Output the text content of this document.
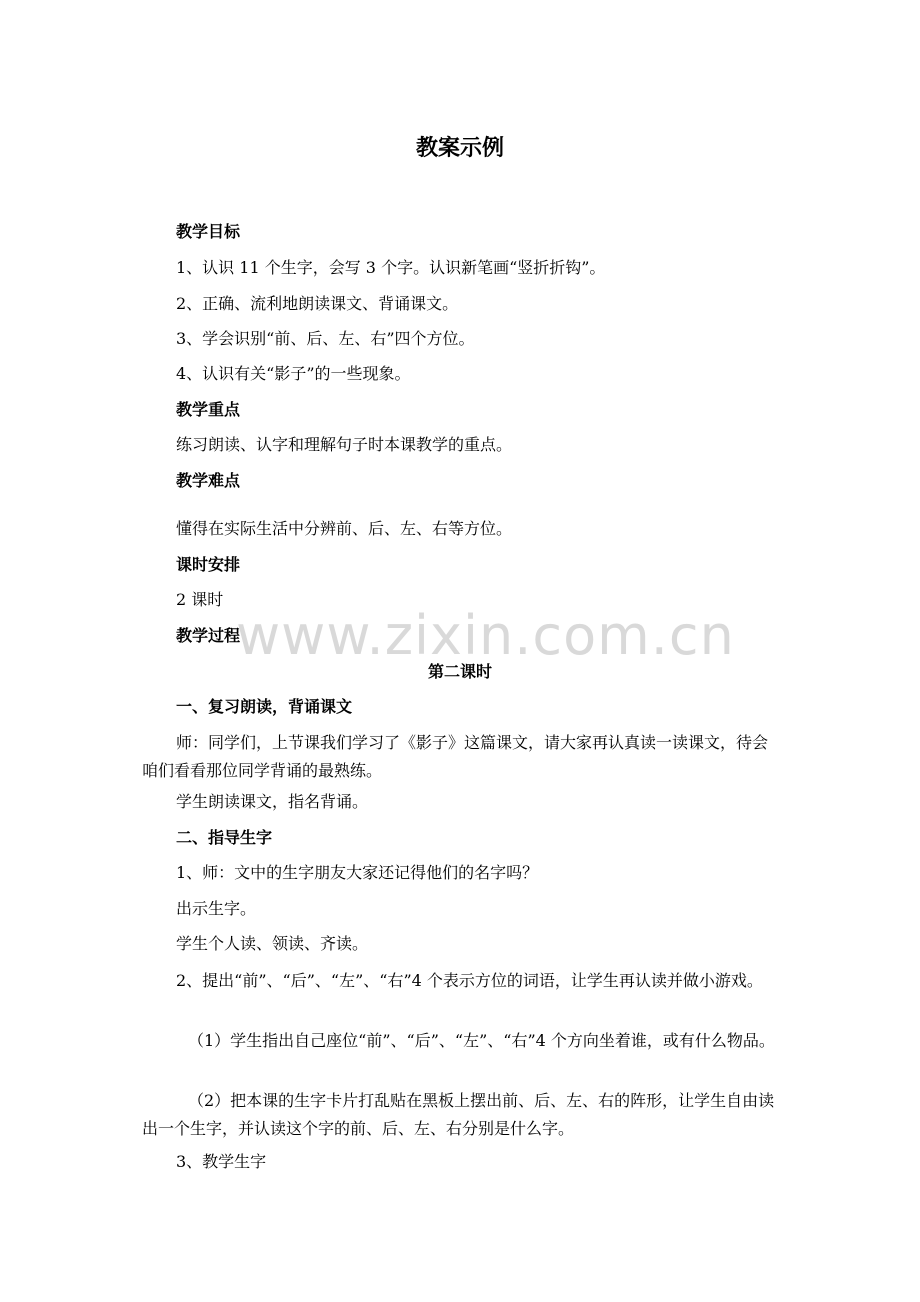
www.zixin.com.cn
教案示例
教学目标
1、认识 11 个生字，会写 3 个字。认识新笔画“竖折折钩”。
2、正确、流利地朗读课文、背诵课文。
3、学会识别“前、后、左、右”四个方位。
4、认识有关“影子”的一些现象。
教学重点
练习朗读、认字和理解句子时本课教学的重点。
教学难点
懂得在实际生活中分辨前、后、左、右等方位。
课时安排
2 课时
教学过程
第二课时
一、复习朗读，背诵课文
师：同学们，上节课我们学习了《影子》这篇课文，请大家再认真读一读课文，待会咱们看看那位同学背诵的最熟练。
学生朗读课文，指名背诵。
二、指导生字
1、师：文中的生字朋友大家还记得他们的名字吗？
出示生字。
学生个人读、领读、齐读。
2、提出“前”、“后”、“左”、“右”4 个表示方位的词语，让学生再认读并做小游戏。
（1）学生指出自己座位“前”、“后”、“左”、“右”4 个方向坐着谁，或有什么物品。
（2）把本课的生字卡片打乱贴在黑板上摆出前、后、左、右的阵形，让学生自由读出一个生字，并认读这个字的前、后、左、右分别是什么字。
3、教学生字
